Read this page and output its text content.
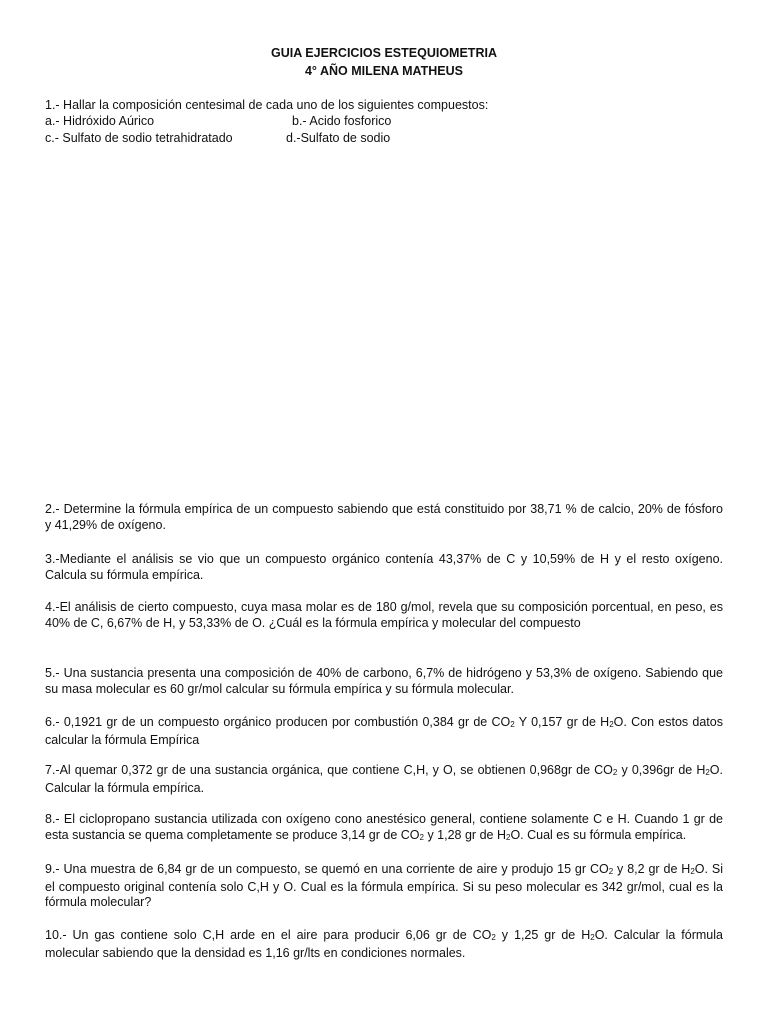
GUIA EJERCICIOS ESTEQUIOMETRIA
4° AÑO MILENA MATHEUS
1.- Hallar la composición centesimal de cada uno de los siguientes compuestos:
a.- Hidróxido Aúrico	b.- Acido fosforico
c.- Sulfato de sodio tetrahidratado	d.-Sulfato de sodio
2.- Determine la fórmula empírica de un compuesto sabiendo que está constituido por 38,71 % de calcio, 20% de fósforo y 41,29% de oxígeno.
3.-Mediante el análisis se vio que un compuesto orgánico contenía 43,37% de C y 10,59% de H y el resto oxígeno. Calcula su fórmula empírica.
4.-El análisis de cierto compuesto, cuya masa molar es de 180 g/mol, revela que su composición porcentual, en peso, es 40% de C, 6,67% de H, y 53,33% de O. ¿Cuál es la fórmula empírica y molecular del compuesto
5.- Una sustancia presenta una composición de 40% de carbono, 6,7% de hidrógeno y 53,3% de oxígeno. Sabiendo que su masa molecular es 60 gr/mol calcular su fórmula empírica y su fórmula molecular.
6.- 0,1921 gr de un compuesto orgánico producen por combustión 0,384 gr de $CO_2$ Y 0,157 gr de $H_2O$. Con estos datos calcular la fórmula Empírica
7.-Al quemar 0,372 gr de una sustancia orgánica, que contiene C,H, y O, se obtienen 0,968gr de $CO_2$ y 0,396gr de $H_2O$. Calcular la fórmula empírica.
8.- El ciclopropano sustancia utilizada con oxígeno cono anestésico general, contiene solamente C e H. Cuando 1 gr de esta sustancia se quema completamente se produce 3,14 gr de $CO_2$ y 1,28 gr de $H_2O$. Cual es su fórmula empírica.
9.- Una muestra de 6,84 gr de un compuesto, se quemó en una corriente de aire y produjo 15 gr $CO_2$ y 8,2 gr de $H_2O$. Si el compuesto original contenía solo C,H y O. Cual es la fórmula empírica. Si su peso molecular es 342 gr/mol, cual es la fórmula molecular?
10.- Un gas contiene solo C,H arde en el aire para producir 6,06 gr de $CO_2$ y 1,25 gr de $H_2O$. Calcular la fórmula molecular sabiendo que la densidad es 1,16 gr/lts en condiciones normales.
